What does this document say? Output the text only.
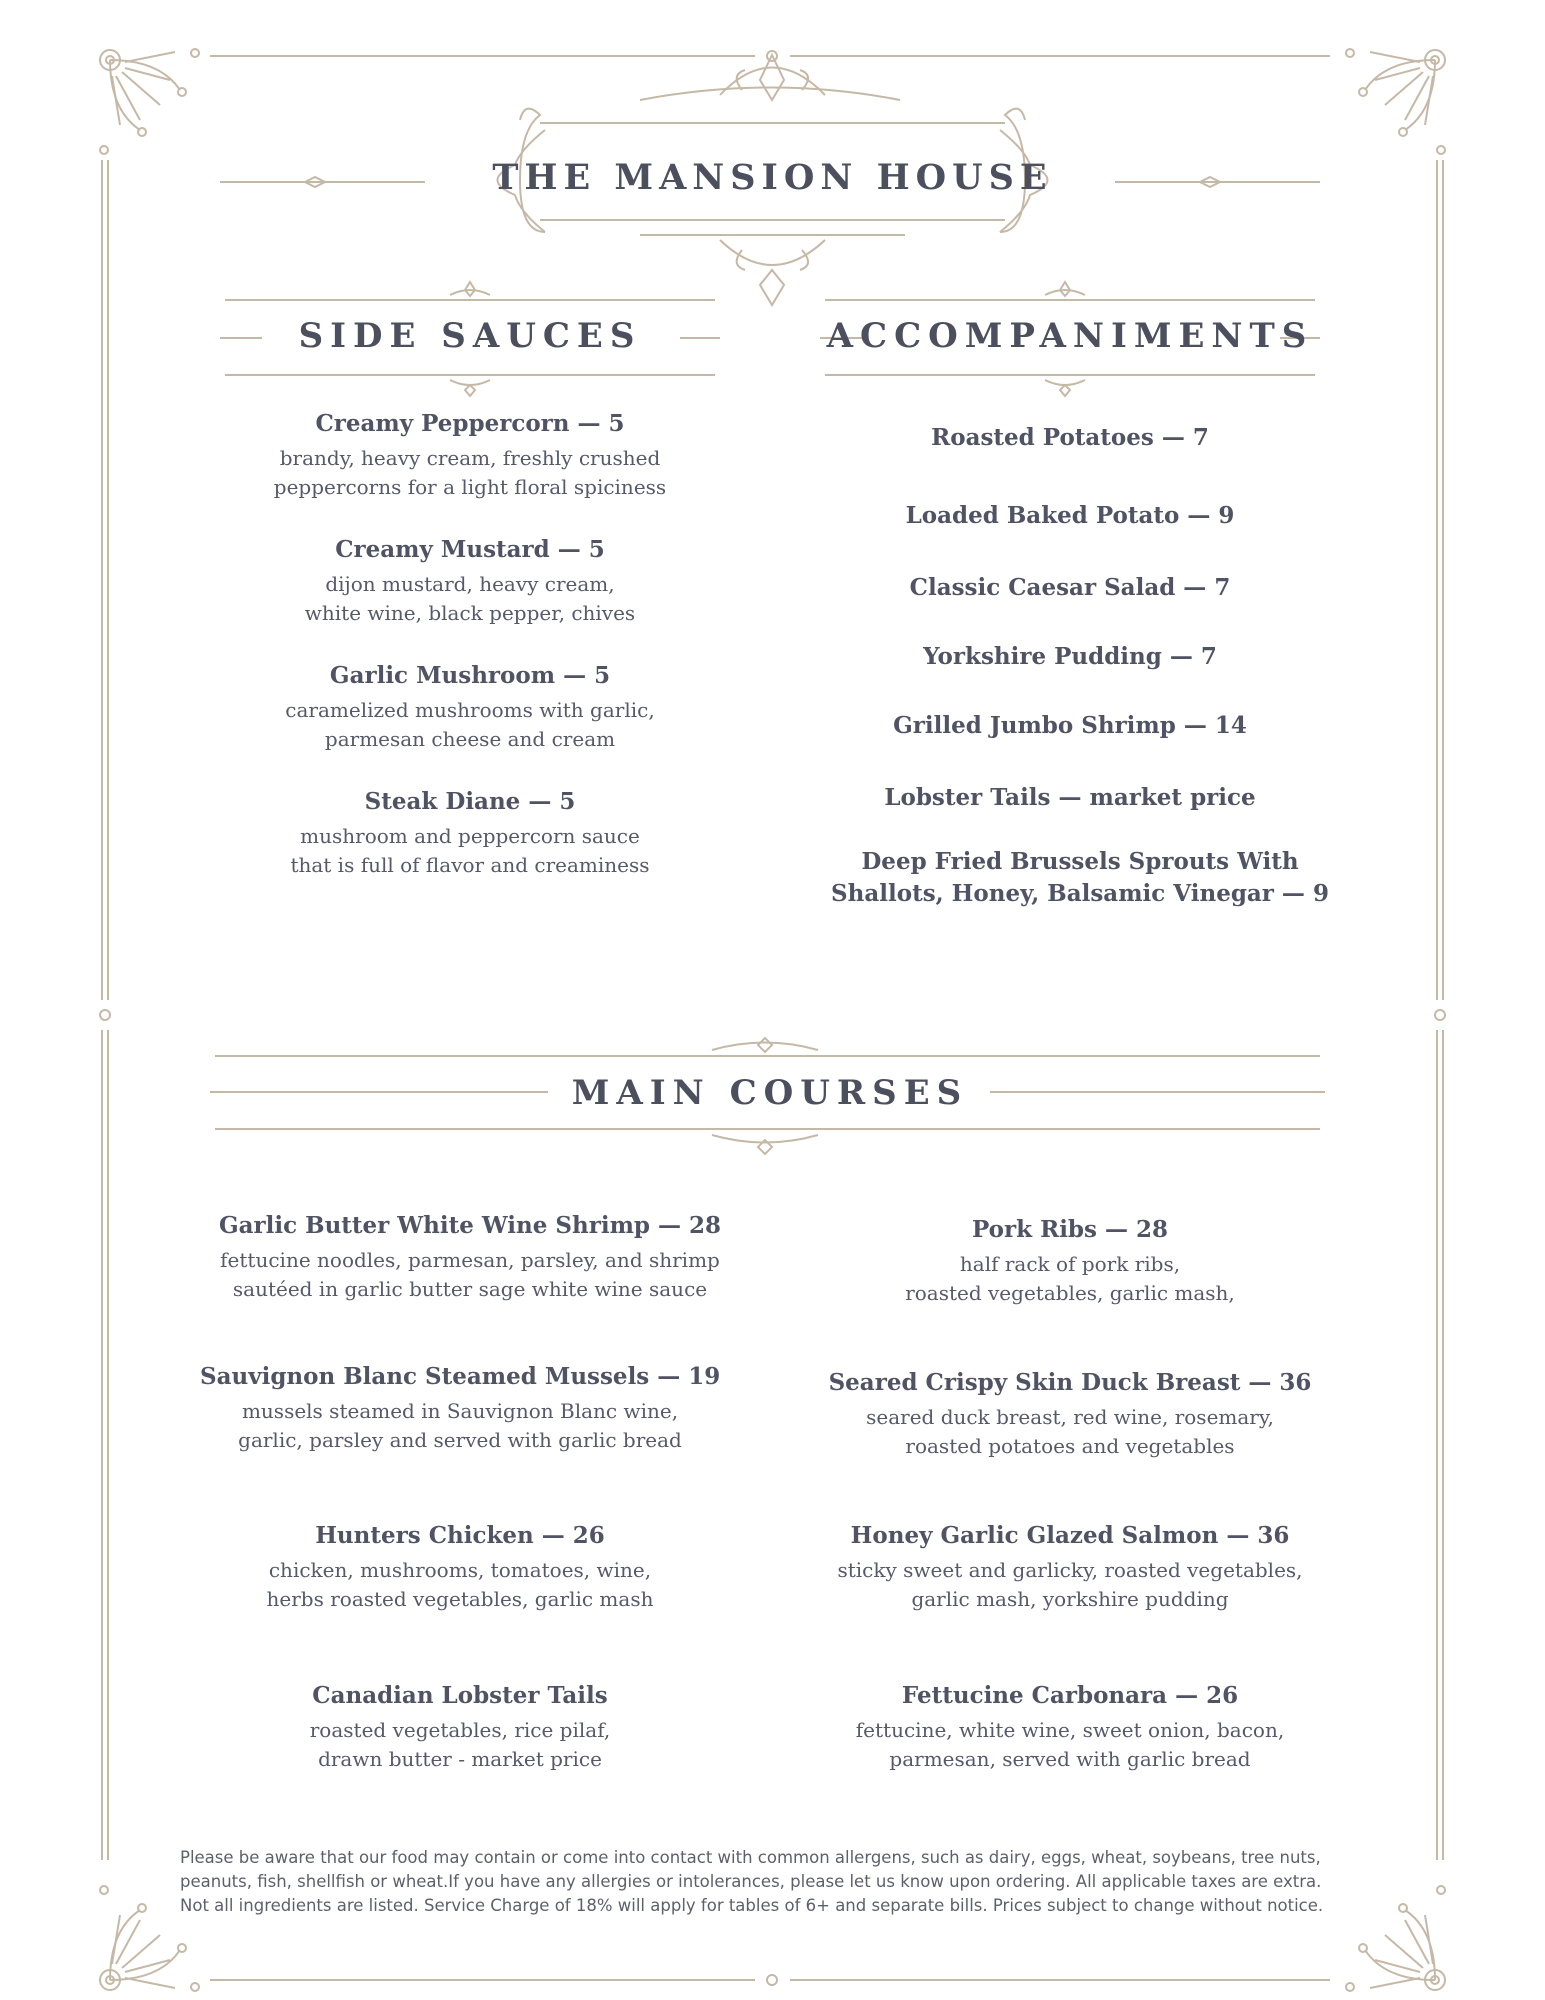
THE MANSION HOUSE
SIDE SAUCES
Creamy Peppercorn — 5
brandy, heavy cream, freshly crushed
peppercorns for a light floral spiciness
Creamy Mustard — 5
dijon mustard, heavy cream,
white wine, black pepper, chives
Garlic Mushroom — 5
caramelized mushrooms with garlic,
parmesan cheese and cream
Steak Diane — 5
mushroom and peppercorn sauce
that is full of flavor and creaminess
ACCOMPANIMENTS
Roasted Potatoes — 7
Loaded Baked Potato — 9
Classic Caesar Salad — 7
Yorkshire Pudding — 7
Grilled Jumbo Shrimp — 14
Lobster Tails — market price
Deep Fried Brussels Sprouts With
Shallots, Honey, Balsamic Vinegar — 9
MAIN COURSES
Garlic Butter White Wine Shrimp — 28
fettucine noodles, parmesan, parsley, and shrimp
sautéed in garlic butter sage white wine sauce
Sauvignon Blanc Steamed Mussels — 19
mussels steamed in Sauvignon Blanc wine,
garlic, parsley and served with garlic bread
Hunters Chicken — 26
chicken, mushrooms, tomatoes, wine,
herbs roasted vegetables, garlic mash
Canadian Lobster Tails
roasted vegetables, rice pilaf,
drawn butter - market price
Pork Ribs — 28
half rack of pork ribs,
roasted vegetables, garlic mash,
Seared Crispy Skin Duck Breast — 36
seared duck breast, red wine, rosemary,
roasted potatoes and vegetables
Honey Garlic Glazed Salmon — 36
sticky sweet and garlicky, roasted vegetables,
garlic mash, yorkshire pudding
Fettucine Carbonara — 26
fettucine, white wine, sweet onion, bacon,
parmesan, served with garlic bread
Please be aware that our food may contain or come into contact with common allergens, such as dairy, eggs, wheat, soybeans, tree nuts,
peanuts, fish, shellfish or wheat.If you have any allergies or intolerances, please let us know upon ordering. All applicable taxes are extra.
Not all ingredients are listed. Service Charge of 18% will apply for tables of 6+ and separate bills. Prices subject to change without notice.
